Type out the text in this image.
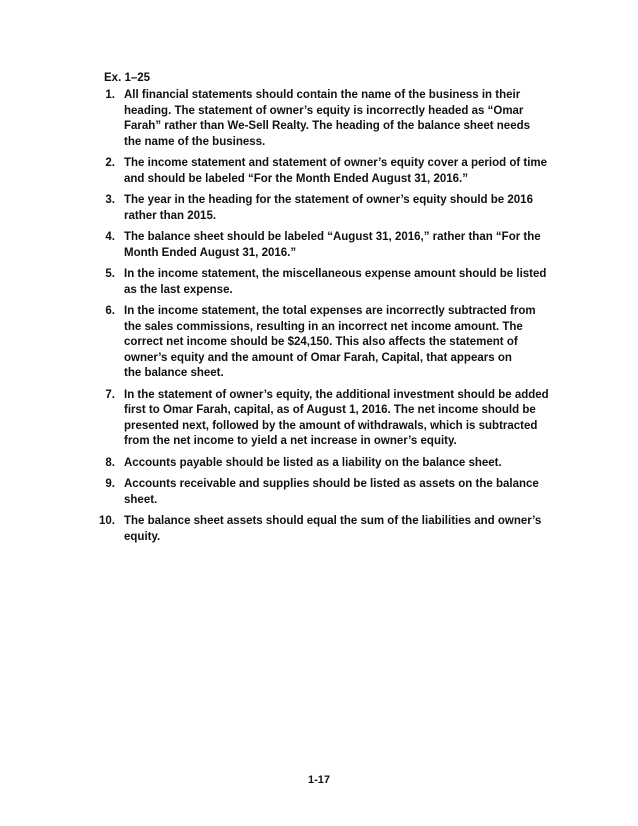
Ex. 1–25
1. All financial statements should contain the name of the business in their
heading. The statement of owner’s equity is incorrectly headed as “Omar
Farah” rather than We-Sell Realty. The heading of the balance sheet needs
the name of the business.
2. The income statement and statement of owner’s equity cover a period of time
and should be labeled “For the Month Ended August 31, 2016.”
3. The year in the heading for the statement of owner’s equity should be 2016
rather than 2015.
4. The balance sheet should be labeled “August 31, 2016,” rather than “For the
Month Ended August 31, 2016.”
5. In the income statement, the miscellaneous expense amount should be listed
as the last expense.
6. In the income statement, the total expenses are incorrectly subtracted from
the sales commissions, resulting in an incorrect net income amount. The
correct net income should be $24,150. This also affects the statement of
owner’s equity and the amount of Omar Farah, Capital, that appears on
the balance sheet.
7. In the statement of owner’s equity, the additional investment should be added
first to Omar Farah, capital, as of August 1, 2016. The net income should be
presented next, followed by the amount of withdrawals, which is subtracted
from the net income to yield a net increase in owner’s equity.
8. Accounts payable should be listed as a liability on the balance sheet.
9. Accounts receivable and supplies should be listed as assets on the balance
sheet.
10. The balance sheet assets should equal the sum of the liabilities and owner’s
equity.
1-17
